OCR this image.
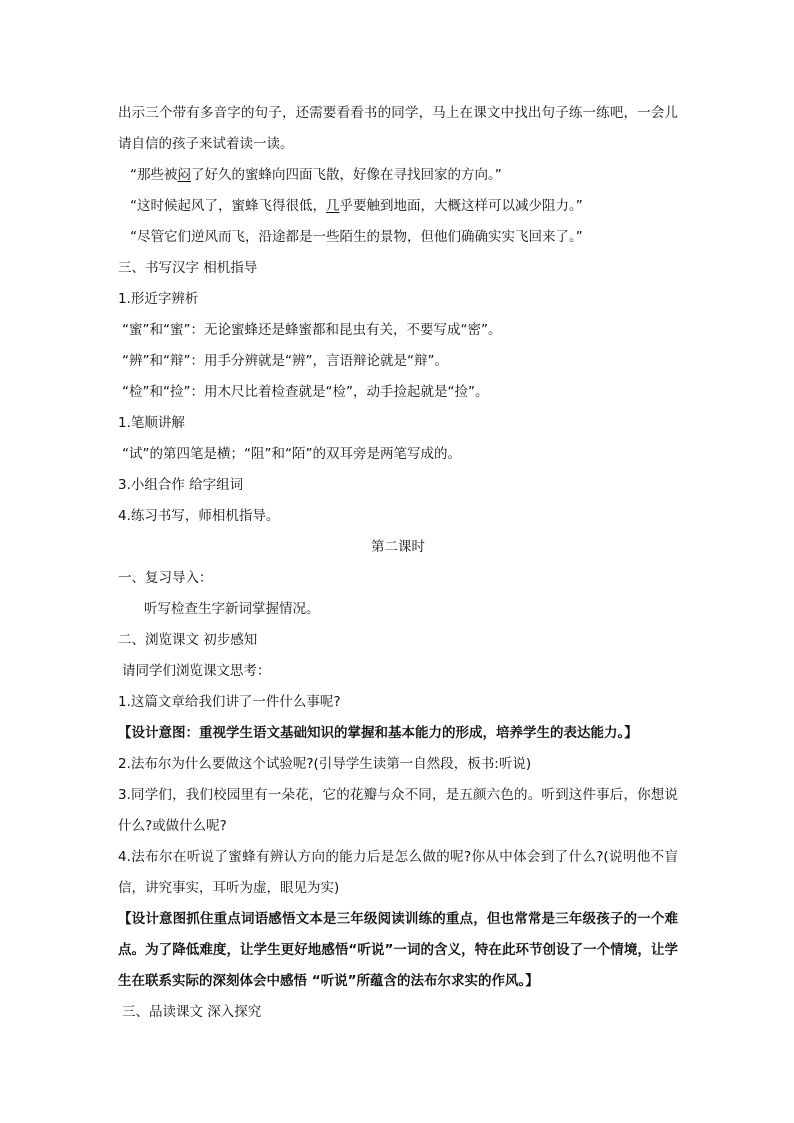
出示三个带有多音字的句子，还需要看看书的同学，马上在课文中找出句子练一练吧，一会儿请自信的孩子来试着读一读。

“那些被闷了好久的蜜蜂向四面飞散，好像在寻找回家的方向。”

“这时候起风了，蜜蜂飞得很低，几乎要触到地面，大概这样可以减少阻力。”

“尽管它们逆风而飞，沿途都是一些陌生的景物，但他们确确实实飞回来了。”

三、书写汉字 相机指导

1.形近字辨析

“蜜”和“蜜”：无论蜜蜂还是蜂蜜都和昆虫有关，不要写成“密”。

“辨”和“辩”：用手分辨就是“辨”，言语辩论就是“辩”。

“检”和“捡”：用木尺比着检查就是“检”，动手捡起就是“捡”。

1.笔顺讲解

“试”的第四笔是横；“阻”和“陌”的双耳旁是两笔写成的。

3.小组合作 给字组词

4.练习书写，师相机指导。

第二课时

一、复习导入：

听写检查生字新词掌握情况。

二、浏览课文 初步感知

请同学们浏览课文思考：

1.这篇文章给我们讲了一件什么事呢?

【设计意图：重视学生语文基础知识的掌握和基本能力的形成，培养学生的表达能力。】

2.法布尔为什么要做这个试验呢?(引导学生读第一自然段，板书:听说)

3.同学们，我们校园里有一朵花，它的花瓣与众不同，是五颜六色的。听到这件事后，你想说什么?或做什么呢?

4.法布尔在听说了蜜蜂有辨认方向的能力后是怎么做的呢?你从中体会到了什么?(说明他不盲信，讲究事实，耳听为虚，眼见为实)

【设计意图抓住重点词语感悟文本是三年级阅读训练的重点，但也常常是三年级孩子的一个难点。为了降低难度，让学生更好地感悟“听说”一词的含义，特在此环节创设了一个情境，让学生在联系实际的深刻体会中感悟 “听说”所蕴含的法布尔求实的作风。】

三、品读课文 深入探究
